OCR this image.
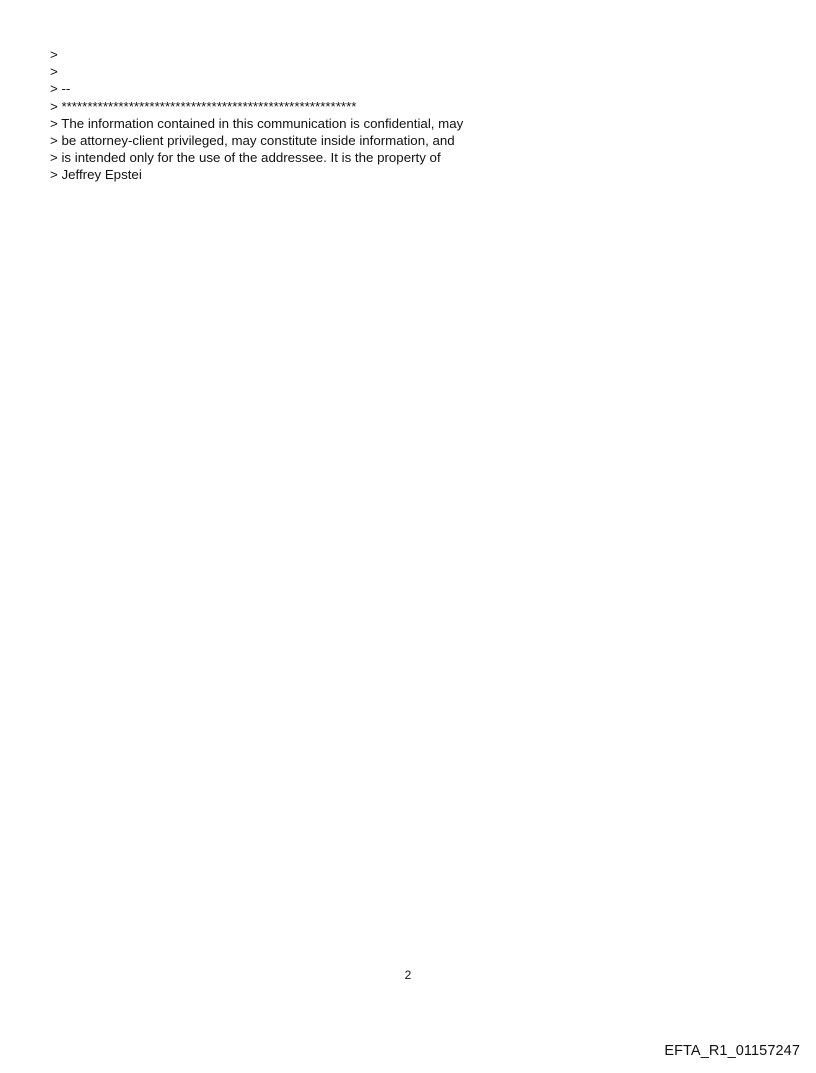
>
>
> --
> *********************************************************
> The information contained in this communication is confidential, may
> be attorney-client privileged, may constitute inside information, and
> is intended only for the use of the addressee. It is the property of
> Jeffrey Epstei
2
EFTA_R1_01157247
